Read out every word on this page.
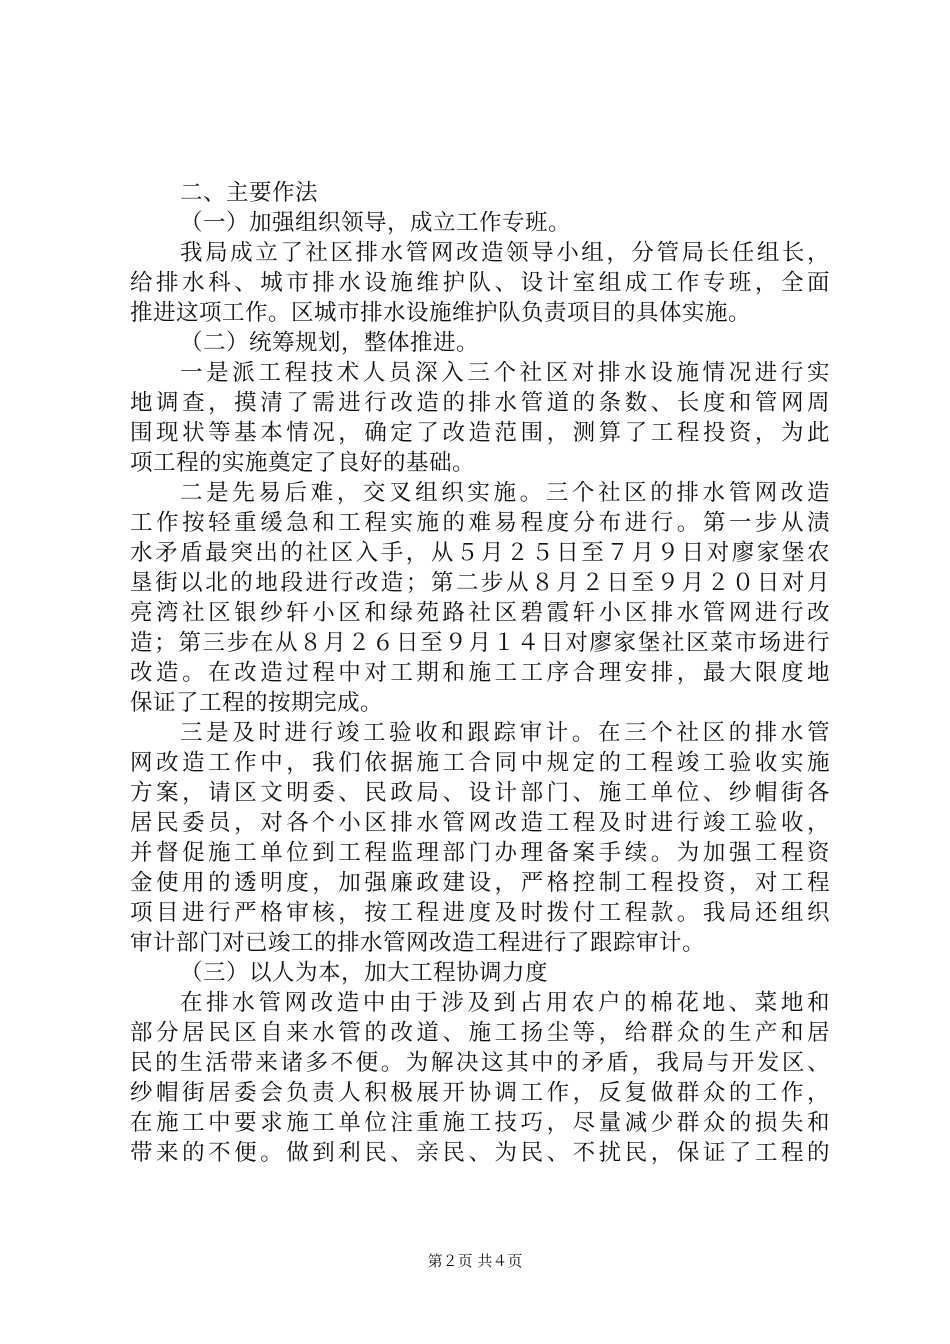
二、主要作法
（一）加强组织领导，成立工作专班。
我局成立了社区排水管网改造领导小组，分管局长任组长，
给排水科、城市排水设施维护队、设计室组成工作专班，全面
推进这项工作。区城市排水设施维护队负责项目的具体实施。
（二）统筹规划，整体推进。
一是派工程技术人员深入三个社区对排水设施情况进行实
地调查，摸清了需进行改造的排水管道的条数、长度和管网周
围现状等基本情况，确定了改造范围，测算了工程投资，为此
项工程的实施奠定了良好的基础。
二是先易后难，交叉组织实施。三个社区的排水管网改造
工作按轻重缓急和工程实施的难易程度分布进行。第一步从渍
水矛盾最突出的社区入手，从５月２５日至７月９日对廖家堡农
垦街以北的地段进行改造；第二步从８月２日至９月２０日对月
亮湾社区银纱轩小区和绿苑路社区碧霞轩小区排水管网进行改
造；第三步在从８月２６日至９月１４日对廖家堡社区菜市场进行
改造。在改造过程中对工期和施工工序合理安排，最大限度地
保证了工程的按期完成。
三是及时进行竣工验收和跟踪审计。在三个社区的排水管
网改造工作中，我们依据施工合同中规定的工程竣工验收实施
方案，请区文明委、民政局、设计部门、施工单位、纱帽街各
居民委员，对各个小区排水管网改造工程及时进行竣工验收，
并督促施工单位到工程监理部门办理备案手续。为加强工程资
金使用的透明度，加强廉政建设，严格控制工程投资，对工程
项目进行严格审核，按工程进度及时拨付工程款。我局还组织
审计部门对已竣工的排水管网改造工程进行了跟踪审计。
（三）以人为本，加大工程协调力度
在排水管网改造中由于涉及到占用农户的棉花地、菜地和
部分居民区自来水管的改道、施工扬尘等，给群众的生产和居
民的生活带来诸多不便。为解决这其中的矛盾，我局与开发区、
纱帽街居委会负责人积极展开协调工作，反复做群众的工作，
在施工中要求施工单位注重施工技巧，尽量减少群众的损失和
带来的不便。做到利民、亲民、为民、不扰民，保证了工程的
第２页 共４页
